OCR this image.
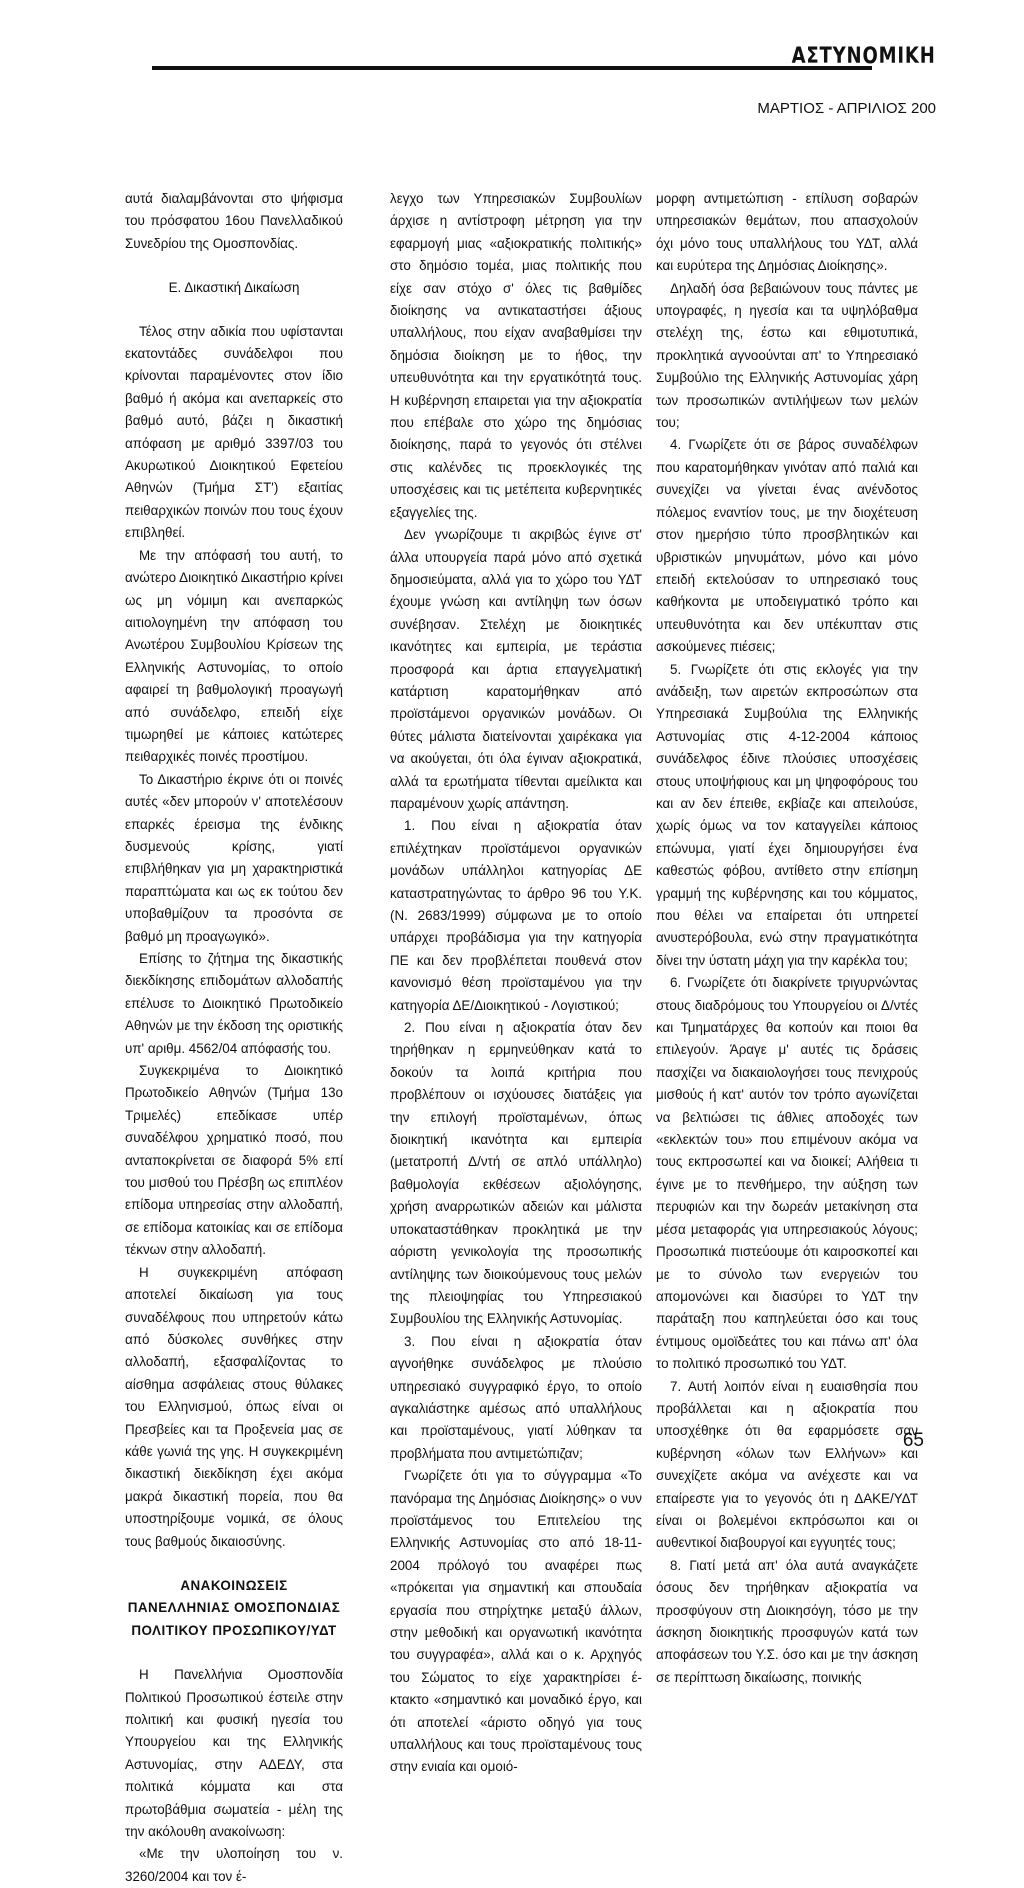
ΑΣΤΥΝΟΜΙΚΗ
ΜΑΡΤΙΟΣ - ΑΠΡΙΛΙΟΣ 200

αυτά διαλαμβάνονται στο ψήφισμα του πρόσφατου 16ου Πανελλαδικού Συνεδρίου της Ομοσπονδίας.

Ε. Δικαστική Δικαίωση

Τέλος στην αδικία που υφίστανται εκατοντάδες συνάδελφοι που κρίνονται παραμένοντες στον ίδιο βαθμό ή ακόμα και ανεπαρκείς στο βαθμό αυτό, βάζει η δικαστική απόφαση με αριθμό 3397/03 του Ακυρωτικού Διοικητικού Εφετείου Αθηνών (Τμήμα ΣΤ') εξαιτίας πειθαρχικών ποινών που τους έχουν επιβληθεί.

Με την απόφασή του αυτή, το ανώτερο Διοικητικό Δικαστήριο κρίνει ως μη νόμιμη και ανεπαρκώς αιτιολογημένη την απόφαση του Ανωτέρου Συμβουλίου Κρίσεων της Ελληνικής Αστυνομίας, το οποίο αφαιρεί τη βαθμολογική προαγωγή από συνάδελφο, επειδή είχε τιμωρηθεί με κάποιες κατώτερες πειθαρχικές ποινές προστίμου.

Το Δικαστήριο έκρινε ότι οι ποινές αυτές «δεν μπορούν ν' αποτελέσουν επαρκές έρεισμα της ένδικης δυσμενούς κρίσης, γιατί επιβλήθηκαν για μη χαρακτηριστικά παραπτώματα και ως εκ τούτου δεν υποβαθμίζουν τα προσόντα σε βαθμό μη προαγωγικό».

Επίσης το ζήτημα της δικαστικής διεκδίκησης επιδομάτων αλλοδαπής επέλυσε το Διοικητικό Πρωτοδικείο Αθηνών με την έκδοση της οριστικής υπ' αριθμ. 4562/04 απόφασής του.

Συγκεκριμένα το Διοικητικό Πρωτοδικείο Αθηνών (Τμήμα 13ο Τριμελές) επεδίκασε υπέρ συναδέλφου χρηματικό ποσό, που ανταποκρίνεται σε διαφορά 5% επί του μισθού του Πρέσβη ως επιπλέον επίδομα υπηρεσίας στην αλλοδαπή, σε επίδομα κατοικίας και σε επίδομα τέκνων στην αλλοδαπή.

Η συγκεκριμένη απόφαση αποτελεί δικαίωση για τους συναδέλφους που υπηρετούν κάτω από δύσκολες συνθήκες στην αλλοδαπή, εξασφαλίζοντας το αίσθημα ασφάλειας στους θύλακες του Ελληνισμού, όπως είναι οι Πρεσβείες και τα Προξενεία μας σε κάθε γωνιά της γης. Η συγκεκριμένη δικαστική διεκδίκηση έχει ακόμα μακρά δικαστική πορεία, που θα υποστηρίξουμε νομικά, σε όλους τους βαθμούς δικαιοσύνης.

ΑΝΑΚΟΙΝΩΣΕΙΣ

ΠΑΝΕΛΛΗΝΙΑΣ ΟΜΟΣΠΟΝΔΙΑΣ

ΠΟΛΙΤΙΚΟΥ ΠΡΟΣΩΠΙΚΟΥ/ΥΔΤ

Η Πανελλήνια Ομοσπονδία Πολιτικού Προσωπικού έστειλε στην πολιτική και φυσική ηγεσία του Υπουργείου και της Ελληνικής Αστυνομίας, στην ΑΔΕΔΥ, στα πολιτικά κόμματα και στα πρωτοβάθμια σωματεία - μέλη της την ακόλουθη ανακοίνωση:

«Με την υλοποίηση του ν. 3260/2004 και τον έ-

λεγχο των Υπηρεσιακών Συμβουλίων άρχισε η αντίστροφη μέτρηση για την εφαρμογή μιας «αξιοκρατικής πολιτικής» στο δημόσιο τομέα, μιας πολιτικής που είχε σαν στόχο σ' όλες τις βαθμίδες διοίκησης να αντικαταστήσει άξιους υπαλλήλους, που είχαν αναβαθμίσει την δημόσια διοίκηση με το ήθος, την υπευθυνότητα και την εργατικότητά τους. Η κυβέρνηση επαιρεται για την αξιοκρατία που επέβαλε στο χώρο της δημόσιας διοίκησης, παρά το γεγονός ότι στέλνει στις καλένδες τις προεκλογικές της υποσχέσεις και τις μετέπειτα κυβερνητικές εξαγγελίες της.

Δεν γνωρίζουμε τι ακριβώς έγινε στ' άλλα υπουργεία παρά μόνο από σχετικά δημοσιεύματα, αλλά για το χώρο του ΥΔΤ έχουμε γνώση και αντίληψη των όσων συνέβησαν. Στελέχη με διοικητικές ικανότητες και εμπειρία, με τεράστια προσφορά και άρτια επαγγελματική κατάρτιση καρατομήθηκαν από προϊστάμενοι οργανικών μονάδων. Οι θύτες μάλιστα διατείνονται χαιρέκακα για να ακούγεται, ότι όλα έγιναν αξιοκρατικά, αλλά τα ερωτήματα τίθενται αμείλικτα και παραμένουν χωρίς απάντηση.

1. Που είναι η αξιοκρατία όταν επιλέχτηκαν προϊστάμενοι οργανικών μονάδων υπάλληλοι κατηγορίας ΔΕ καταστρατηγώντας το άρθρο 96 του Υ.Κ. (Ν. 2683/1999) σύμφωνα με το οποίο υπάρχει προβάδισμα για την κατηγορία ΠΕ και δεν προβλέπεται πουθενά στον κανονισμό θέση προϊσταμένου για την κατηγορία ΔΕ/Διοικητικού - Λογιστικού;

2. Που είναι η αξιοκρατία όταν δεν τηρήθηκαν η ερμηνεύθηκαν κατά το δοκούν τα λοιπά κριτήρια που προβλέπουν οι ισχύουσες διατάξεις για την επιλογή προϊσταμένων, όπως διοικητική ικανότητα και εμπειρία (μετατροπή Δ/ντή σε απλό υπάλληλο) βαθμολογία εκθέσεων αξιολόγησης, χρήση αναρρωτικών αδειών και μάλιστα υποκαταστάθηκαν προκλητικά με την αόριστη γενικολογία της προσωπικής αντίληψης των διοικούμενους τους μελών της πλειοψηφίας του Υπηρεσιακού Συμβουλίου της Ελληνικής Αστυνομίας.

3. Που είναι η αξιοκρατία όταν αγνοήθηκε συνάδελφος με πλούσιο υπηρεσιακό συγγραφικό έργο, το οποίο αγκαλιάστηκε αμέσως από υπαλλήλους και προϊσταμένους, γιατί λύθηκαν τα προβλήματα που αντιμετώπιζαν;

Γνωρίζετε ότι για το σύγγραμμα «Το πανόραμα της Δημόσιας Διοίκησης» ο νυν προϊστάμενος του Επιτελείου της Ελληνικής Αστυνομίας στο από 18-11-2004 πρόλογό του αναφέρει πως «πρόκειται για σημαντική και σπουδαία εργασία που στηρίχτηκε μεταξύ άλλων, στην μεθοδική και οργανωτική ικανότητα του συγγραφέα», αλλά και ο κ. Αρχηγός του Σώματος το είχε χαρακτηρίσει έ-κτακτο «σημαντικό και μοναδικό έργο, και ότι αποτελεί «άριστο οδηγό για τους υπαλλήλους και τους προϊσταμένους τους στην ενιαία και ομοιό-

μορφη αντιμετώπιση - επίλυση σοβαρών υπηρεσιακών θεμάτων, που απασχολούν όχι μόνο τους υπαλλήλους του ΥΔΤ, αλλά και ευρύτερα της Δημόσιας Διοίκησης».

Δηλαδή όσα βεβαιώνουν τους πάντες με υπογραφές, η ηγεσία και τα υψηλόβαθμα στελέχη της, έστω και εθιμοτυπικά, προκλητικά αγνοούνται απ' το Υπηρεσιακό Συμβούλιο της Ελληνικής Αστυνομίας χάρη των προσωπικών αντιλήψεων των μελών του;

4. Γνωρίζετε ότι σε βάρος συναδέλφων που καρατομήθηκαν γινόταν από παλιά και συνεχίζει να γίνεται ένας ανένδοτος πόλεμος εναντίον τους, με την διοχέτευση στον ημερήσιο τύπο προσβλητικών και υβριστικών μηνυμάτων, μόνο και μόνο επειδή εκτελούσαν το υπηρεσιακό τους καθήκοντα με υποδειγματικό τρόπο και υπευθυνότητα και δεν υπέκυπταν στις ασκούμενες πιέσεις;

5. Γνωρίζετε ότι στις εκλογές για την ανάδειξη, των αιρετών εκπροσώπων στα Υπηρεσιακά Συμβούλια της Ελληνικής Αστυνομίας στις 4-12-2004 κάποιος συνάδελφος έδινε πλούσιες υποσχέσεις στους υποψήφιους και μη ψηφοφόρους του και αν δεν έπειθε, εκβίαζε και απειλούσε, χωρίς όμως να τον καταγγείλει κάποιος επώνυμα, γιατί έχει δημιουργήσει ένα καθεστώς φόβου, αντίθετο στην επίσημη γραμμή της κυβέρνησης και του κόμματος, που θέλει να επαίρεται ότι υπηρετεί ανυστερόβουλα, ενώ στην πραγματικότητα δίνει την ύστατη μάχη για την καρέκλα του;

6. Γνωρίζετε ότι διακρίνετε τριγυρνώντας στους διαδρόμους του Υπουργείου οι Δ/ντές και Τμηματάρχες θα κοπούν και ποιοι θα επιλεγούν. Άραγε μ' αυτές τις δράσεις πασχίζει να διακαιολογήσει τους πενιχρούς μισθούς ή κατ' αυτόν τον τρόπο αγωνίζεται να βελτιώσει τις άθλιες αποδοχές των «εκλεκτών του» που επιμένουν ακόμα να τους εκπροσωπεί και να διοικεί; Αλήθεια τι έγινε με το πενθήμερο, την αύξηση των περυφιών και την δωρεάν μετακίνηση στα μέσα μεταφοράς για υπηρεσιακούς λόγους; Προσωπικά πιστεύουμε ότι καιροσκοπεί και με το σύνολο των ενεργειών του απομονώνει και διασύρει το ΥΔΤ την παράταξη που καπηλεύεται όσο και τους έντιμους ομοϊδεάτες του και πάνω απ' όλα το πολιτικό προσωπικό του ΥΔΤ.

7. Αυτή λοιπόν είναι η ευαισθησία που προβάλλεται και η αξιοκρατία που υποσχέθηκε ότι θα εφαρμόσετε σαν κυβέρνηση «όλων των Ελλήνων» και συνεχίζετε ακόμα να ανέχεστε και να επαίρεστε για το γεγονός ότι η ΔΑΚΕ/ΥΔΤ είναι οι βολεμένοι εκπρόσωποι και οι αυθεντικοί διαβουργοί και εγγυητές τους;

8. Γιατί μετά απ' όλα αυτά αναγκάζετε όσους δεν τηρήθηκαν αξιοκρατία να προσφύγουν στη Διοικησόγη, τόσο με την άσκηση διοικητικής προσφυγών κατά των αποφάσεων του Υ.Σ. όσο και με την άσκηση σε περίπτωση δικαίωσης, ποινικής

65
